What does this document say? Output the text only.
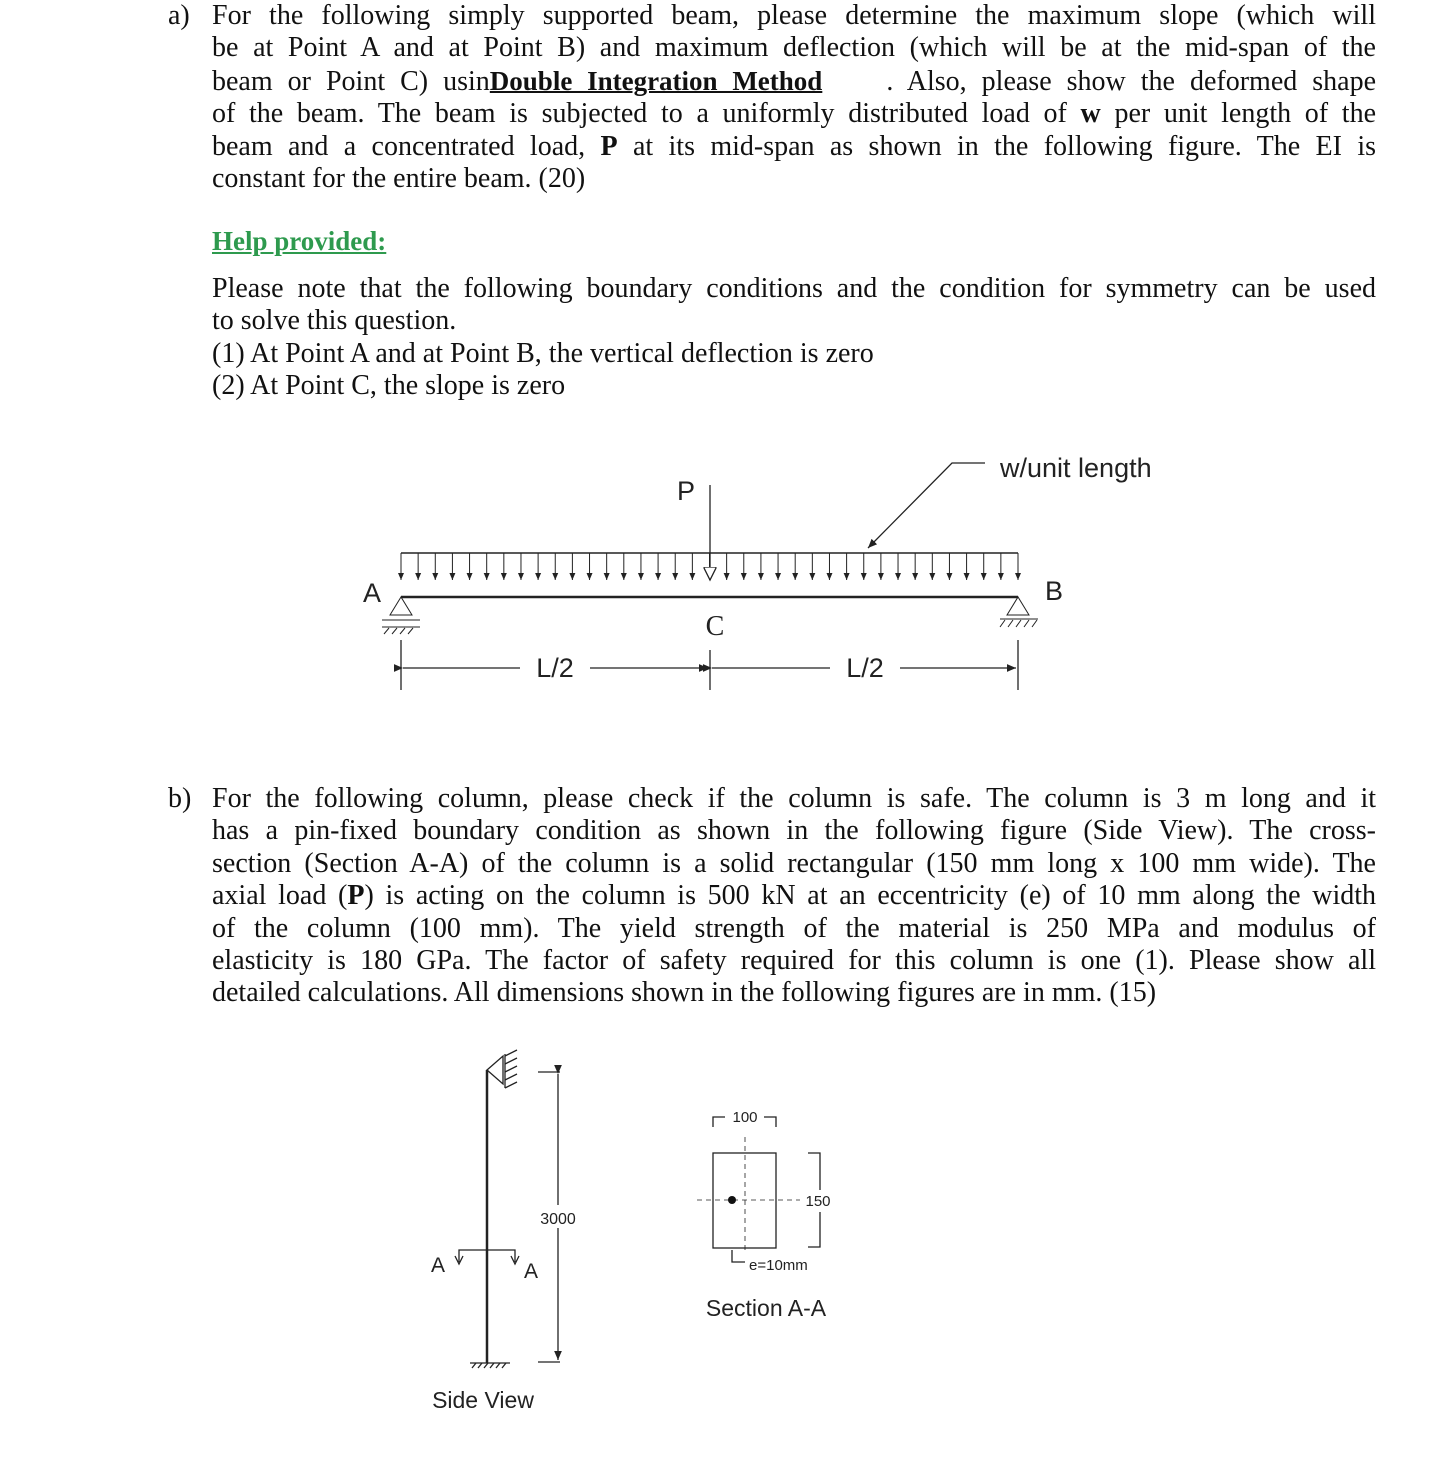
a) For the following simply supported beam, please determine the maximum slope (which will
be at Point A and at Point B) and maximum deflection (which will be at the mid-span of the
beam or Point C) usinDouble Integration Method . Also, please show the deformed shape
of the beam. The beam is subjected to a uniformly distributed load of w per unit length of the
beam and a concentrated load, P at its mid-span as shown in the following figure. The EI is
constant for the entire beam. (20)
Help provided:
Please note that the following boundary conditions and the condition for symmetry can be used
to solve this question.
(1) At Point A and at Point B, the vertical deflection is zero
(2) At Point C, the slope is zero
P
w/unit length
A	B
L/2	L/2
C
3000
A	A
Side View
100
150
e=10mm
Section A-A
b) For the following column, please check if the column is safe. The column is 3 m long and it
has a pin-fixed boundary condition as shown in the following figure (Side View). The cross-
section (Section A-A) of the column is a solid rectangular (150 mm long x 100 mm wide). The
axial load (P) is acting on the column is 500 kN at an eccentricity (e) of 10 mm along the width
of the column (100 mm). The yield strength of the material is 250 MPa and modulus of
elasticity is 180 GPa. The factor of safety required for this column is one (1). Please show all
detailed calculations. All dimensions shown in the following figures are in mm. (15)
